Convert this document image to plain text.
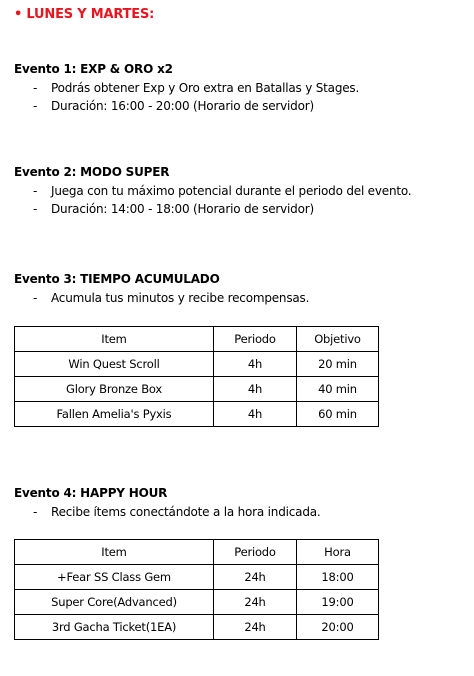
• LUNES Y MARTES:
Evento 1: EXP & ORO x2
- Podrás obtener Exp y Oro extra en Batallas y Stages.
- Duración: 16:00 - 20:00 (Horario de servidor)
Evento 2: MODO SUPER
- Juega con tu máximo potencial durante el periodo del evento.
- Duración: 14:00 - 18:00 (Horario de servidor)
Evento 3: TIEMPO ACUMULADO
- Acumula tus minutos y recibe recompensas.
Item	Periodo	Objetivo
Win Quest Scroll	4h	20 min
Glory Bronze Box	4h	40 min
Fallen Amelia's Pyxis	4h	60 min
Evento 4: HAPPY HOUR
- Recibe ítems conectándote a la hora indicada.
Item	Periodo	Hora
+Fear SS Class Gem	24h	18:00
Super Core(Advanced)	24h	19:00
3rd Gacha Ticket(1EA)	24h	20:00
